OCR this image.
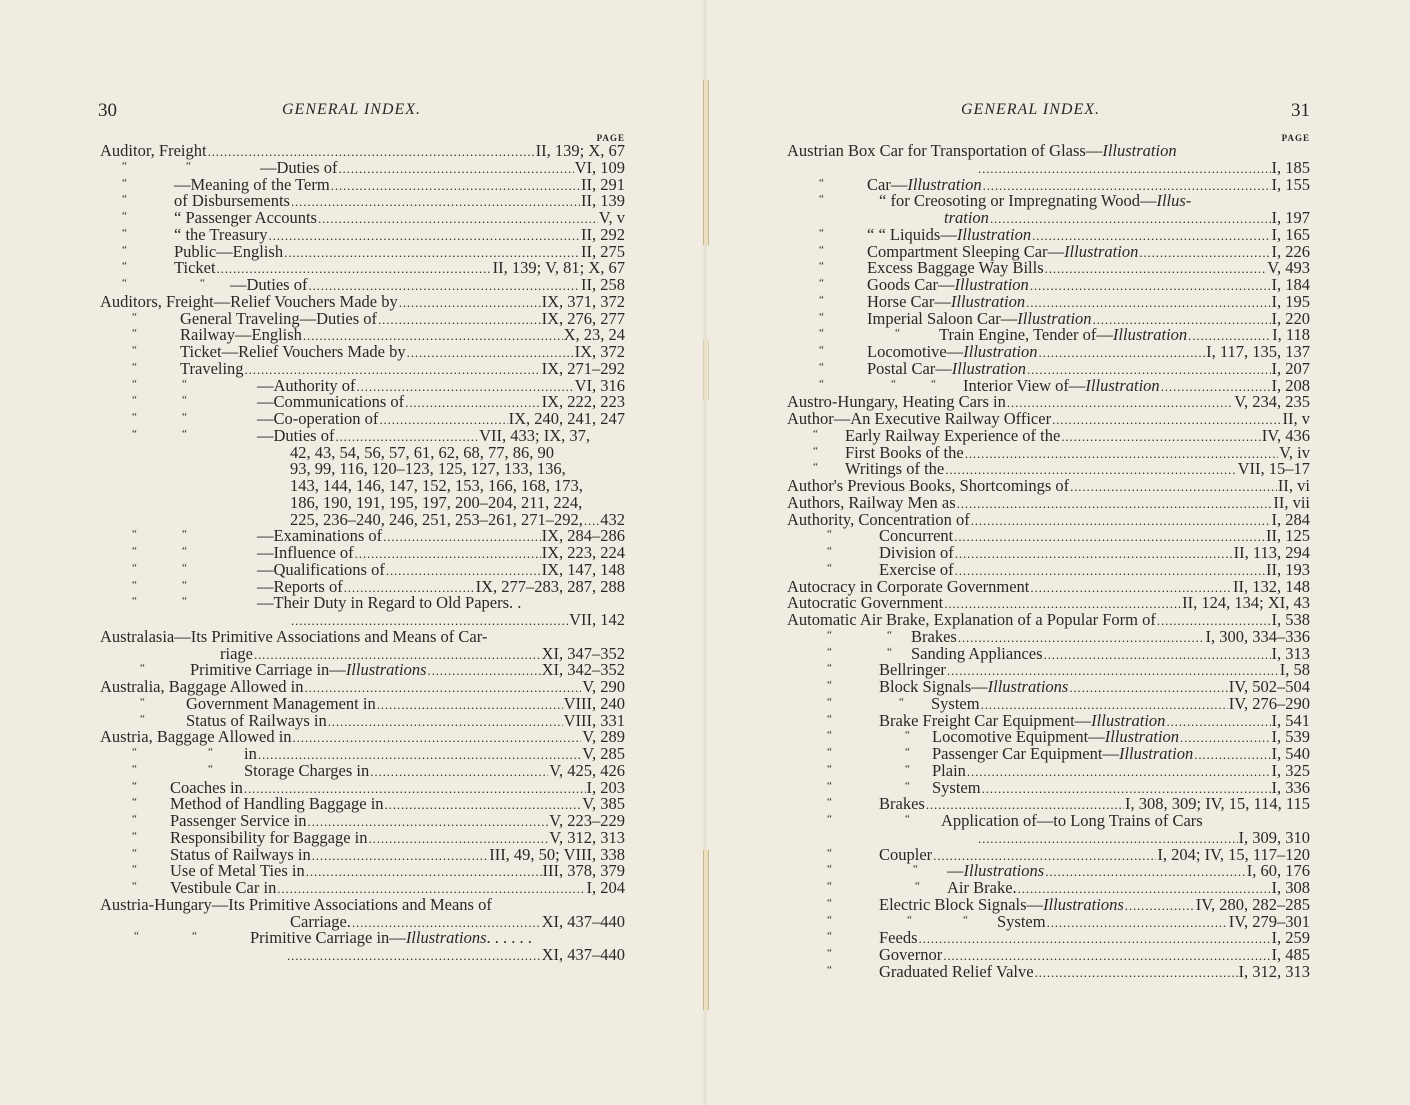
30	GENERAL INDEX.
PAGE
Auditor, Freight . . .	II, 139; X, 67
“	“	—Duties of . . .	VI, 109
“	—Meaning of the Term . . .	II, 291
“	of Disbursements . . .	II, 139
“	“ Passenger Accounts . . .	V, v
“	“ the Treasury . . .	II, 292
“	Public—English . . .	II, 275
“	Ticket . . .	II, 139; V, 81; X, 67
“	“ —Duties of . . .	II, 258
Auditors, Freight—Relief Vouchers Made by . . .	IX, 371, 372
“	General Traveling—Duties of . . .	IX, 276, 277
“	Railway—English . . .	X, 23, 24
“	Ticket—Relief Vouchers Made by . . .	IX, 372
“	Traveling . . .	IX, 271–292
“	“	—Authority of . . .	VI, 316
“	“	—Communications of . . .	IX, 222, 223
“	“	—Co-operation of . . .	IX, 240, 241, 247
“	“	—Duties of . . .	VII, 433; IX, 37,
42, 43, 54, 56, 57, 61, 62, 68, 77, 86, 90
93, 99, 116, 120–123, 125, 127, 133, 136,
143, 144, 146, 147, 152, 153, 166, 168, 173,
186, 190, 191, 195, 197, 200–204, 211, 224,
225, 236–240, 246, 251, 253–261, 271–292, . . . 432
“	“	—Examinations of . . .	IX, 284–286
“	“	—Influence of . . .	IX, 223, 224
“	“	—Qualifications of . . .	IX, 147, 148
“	“	—Reports of . . .	IX, 277–283, 287, 288
“	“	—Their Duty in Regard to Old Papers. .
. . .
VII, 142
Australasia—Its Primitive Associations and Means of Car-
riage . . .	XI, 347–352
“	Primitive Carriage in—Illustrations . . .	XI, 342–352
Australia, Baggage Allowed in . . .	V, 290
“ Government Management in . . .	VIII, 240
“ Status of Railways in . . .	VIII, 331
Austria, Baggage Allowed in . . .	V, 289
“	“ in . . .	V, 285
“	“ Storage Charges in . . .	V, 425, 426
“ Coaches in . . .	I, 203
“ Method of Handling Baggage in . . .	V, 385
“ Passenger Service in . . .	V, 223–229
“ Responsibility for Baggage in . . .	V, 312, 313
“ Status of Railways in . . .	III, 49, 50; VIII, 338
“ Use of Metal Ties in . . .	III, 378, 379
“ Vestibule Car in . . .	I, 204
Austria-Hungary—Its Primitive Associations and Means of
Carriage. . . .	XI, 437–440
“	“	Primitive Carriage in—Illustrations. . . . . .
. . .
XI, 437–440
GENERAL INDEX.	31
PAGE
Austrian Box Car for Transportation of Glass—Illustration
. . .
I, 185
“	Car—Illustration . . .	I, 155
“	“ for Creosoting or Impregnating Wood—Illus-
tration . . .	I, 197
“	“ “ Liquids—Illustration . . .	I, 165
“	Compartment Sleeping Car—Illustration . . .	I, 226
“	Excess Baggage Way Bills . . .	V, 493
“	Goods Car—Illustration . . .	I, 184
“	Horse Car—Illustration . . .	I, 195
“	Imperial Saloon Car—Illustration . . .	I, 220
“	“ Train Engine, Tender of—Illustration . . .	I, 118
“	Locomotive—Illustration . . .	I, 117, 135, 137
“	Postal Car—Illustration . . .	I, 207
“	“	“ Interior View of—Illustration . . .	I, 208
Austro-Hungary, Heating Cars in . . .	V, 234, 235
Author—An Executive Railway Officer . . .	II, v
“ Early Railway Experience of the . . .	IV, 436
“ First Books of the . . .	V, iv
“ Writings of the . . .	VII, 15–17
Author's Previous Books, Shortcomings of . . .	II, vi
Authors, Railway Men as . . .	II, vii
Authority, Concentration of . . .	I, 284
“	Concurrent . . .	II, 125
“	Division of . . .	II, 113, 294
“	Exercise of . . .	II, 193
Autocracy in Corporate Government . . .	II, 132, 148
Autocratic Government . . .	II, 124, 134; XI, 43
Automatic Air Brake, Explanation of a Popular Form of . . .	I, 538
“	“ Brakes . . .	I, 300, 334–336
“	“ Sanding Appliances . . .	I, 313
“	Bellringer . . .	I, 58
“	Block Signals—Illustrations . . .	IV, 502–504
“	“ System . . .	IV, 276–290
“	Brake Freight Car Equipment—Illustration . . .	I, 541
“	“ Locomotive Equipment—Illustration . . .	I, 539
“	“ Passenger Car Equipment—Illustration . . .	I, 540
“	“ Plain . . .	I, 325
“	“ System . . .	I, 336
“	Brakes . . .	I, 308, 309; IV, 15, 114, 115
“	“ Application of—to Long Trains of Cars
. . .
I, 309, 310
“	Coupler . . .	I, 204; IV, 15, 117–120
“	“ —Illustrations . . .	I, 60, 176
“	“ Air Brake. . . .	I, 308
“	Electric Block Signals—Illustrations . . .	IV, 280, 282–285
“	“	“ System . . .	IV, 279–301
“	Feeds . . .	I, 259
“	Governor . . .	I, 485
“	Graduated Relief Valve . . .	I, 312, 313
